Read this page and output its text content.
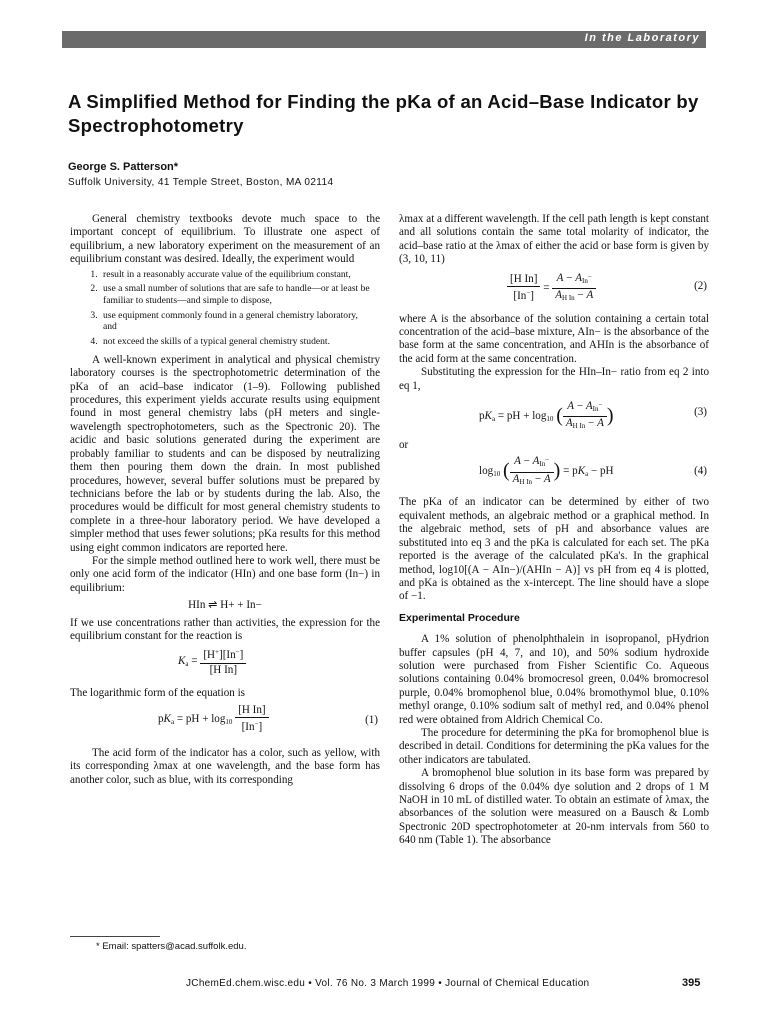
In the Laboratory
A Simplified Method for Finding the pKa of an Acid–Base Indicator by Spectrophotometry
George S. Patterson*
Suffolk University, 41 Temple Street, Boston, MA 02114

General chemistry textbooks devote much space to the important concept of equilibrium. To illustrate one aspect of equilibrium, a new laboratory experiment on the measurement of an equilibrium constant was desired. Ideally, the experiment would

1. result in a reasonably accurate value of the equilibrium constant,
2. use a small number of solutions that are safe to handle—or at least be familiar to students—and simple to dispose,
3. use equipment commonly found in a general chemistry laboratory, and
4. not exceed the skills of a typical general chemistry student.

A well-known experiment in analytical and physical chemistry laboratory courses is the spectrophotometric determination of the pKa of an acid–base indicator (1–9). Following published procedures, this experiment yields accurate results using equipment found in most general chemistry labs (pH meters and single-wavelength spectrophotometers, such as the Spectronic 20). The acidic and basic solutions generated during the experiment are probably familiar to students and can be disposed by neutralizing them then pouring them down the drain. In most published procedures, however, several buffer solutions must be prepared by technicians before the lab or by students during the lab. Also, the procedures would be difficult for most general chemistry students to complete in a three-hour laboratory period. We have developed a simpler method that uses fewer solutions; pKa results for this method using eight common indicators are reported here.

For the simple method outlined here to work well, there must be only one acid form of the indicator (HIn) and one base form (In−) in equilibrium:

HIn ⇌ H+ + In−

If we use concentrations rather than activities, the expression for the equilibrium constant for the reaction is

$K_a = \frac{[H^+][In^-]}{\text{[H In]}}$

The logarithmic form of the equation is

$pK_a$ = pH + $\log_{10} \frac{\text{[H In]}}{[In^-]}$	(1)

The acid form of the indicator has a color, such as yellow, with its corresponding λmax at one wavelength, and the base form has another color, such as blue, with its corresponding

λmax at a different wavelength. If the cell path length is kept constant and all solutions contain the same total molarity of indicator, the acid–base ratio at the λmax of either the acid or base form is given by (3, 10, 11)

$\frac{\text{[H In]}}{[In^-]} = \frac{A - A_{In-}}{A_{H In} - A}$	(2)

where A is the absorbance of the solution containing a certain total concentration of the acid–base mixture, AIn− is the absorbance of the base form at the same concentration, and AHIn is the absorbance of the acid form at the same concentration.

Substituting the expression for the HIn–In− ratio from eq 2 into eq 1,

$pK_a$ = pH + $\log_{10}$ ( $\frac{A - A_{In-}}{A_{H In} - A}$ )	(3)

or

$\log_{10}$ ( $\frac{A - A_{In-}}{A_{H In} - A}$ ) = $pK_a$ − pH	(4)

The pKa of an indicator can be determined by either of two equivalent methods, an algebraic method or a graphical method. In the algebraic method, sets of pH and absorbance values are substituted into eq 3 and the pKa is calculated for each set. The pKa reported is the average of the calculated pKa's. In the graphical method, log10[(A − AIn−)/(AHIn − A)] vs pH from eq 4 is plotted, and pKa is obtained as the x-intercept. The line should have a slope of −1.

Experimental Procedure

A 1% solution of phenolphthalein in isopropanol, pHydrion buffer capsules (pH 4, 7, and 10), and 50% sodium hydroxide solution were purchased from Fisher Scientific Co. Aqueous solutions containing 0.04% bromocresol green, 0.04% bromocresol purple, 0.04% bromophenol blue, 0.04% bromothymol blue, 0.10% methyl orange, 0.10% sodium salt of methyl red, and 0.04% phenol red were obtained from Aldrich Chemical Co.

The procedure for determining the pKa for bromophenol blue is described in detail. Conditions for determining the pKa values for the other indicators are tabulated.

A bromophenol blue solution in its base form was prepared by dissolving 6 drops of the 0.04% dye solution and 2 drops of 1 M NaOH in 10 mL of distilled water. To obtain an estimate of λmax, the absorbances of the solution were measured on a Bausch & Lomb Spectronic 20D spectrophotometer at 20-nm intervals from 560 to 640 nm (Table 1). The absorbance

* Email: spatters@acad.suffolk.edu.
JChemEd.chem.wisc.edu • Vol. 76 No. 3 March 1999 • Journal of Chemical Education	395
